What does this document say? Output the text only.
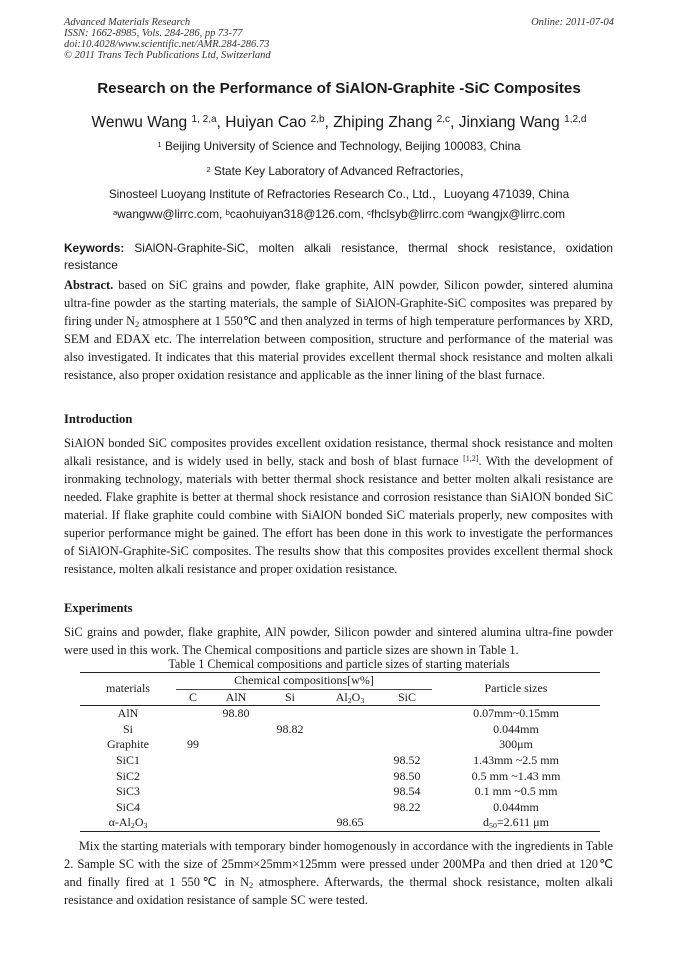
Advanced Materials Research
ISSN: 1662-8985, Vols. 284-286, pp 73-77
doi:10.4028/www.scientific.net/AMR.284-286.73
© 2011 Trans Tech Publications Ltd, Switzerland
Online: 2011-07-04
Research on the Performance of SiAlON-Graphite -SiC Composites
Wenwu Wang $^{1, 2,a}$, Huiyan Cao $^{2,b}$, Zhiping Zhang $^{2,c}$, Jinxiang Wang $^{1,2,d}$
$^1$ Beijing University of Science and Technology, Beijing 100083, China
$^2$ State Key Laboratory of Advanced Refractories，
Sinosteel Luoyang Institute of Refractories Research Co., Ltd.，Luoyang 471039, China
$^a$wangww@lirrc.com, $^b$caohuiyan318@126.com, $^c$fhclsyb@lirrc.com $^d$wangjx@lirrc.com
Keywords: SiAlON-Graphite-SiC, molten alkali resistance, thermal shock resistance, oxidation resistance
Abstract. based on SiC grains and powder, flake graphite, AlN powder, Silicon powder, sintered alumina ultra-fine powder as the starting materials, the sample of SiAlON-Graphite-SiC composites was prepared by firing under $N_2$ atmosphere at 1 550℃ and then analyzed in terms of high temperature performances by XRD, SEM and EDAX etc. The interrelation between composition, structure and performance of the material was also investigated. It indicates that this material provides excellent thermal shock resistance and molten alkali resistance, also proper oxidation resistance and applicable as the inner lining of the blast furnace.
Introduction
SiAlON bonded SiC composites provides excellent oxidation resistance, thermal shock resistance and molten alkali resistance, and is widely used in belly, stack and bosh of blast furnace [1,2]. With the development of ironmaking technology, materials with better thermal shock resistance and better molten alkali resistance are needed. Flake graphite is better at thermal shock resistance and corrosion resistance than SiAlON bonded SiC material. If flake graphite could combine with SiAlON bonded SiC materials properly, new composites with superior performance might be gained. The effort has been done in this work to investigate the performances of SiAlON-Graphite-SiC composites. The results show that this composites provides excellent thermal shock resistance, molten alkali resistance and proper oxidation resistance.
Experiments
SiC grains and powder, flake graphite, AlN powder, Silicon powder and sintered alumina ultra-fine powder were used in this work. The Chemical compositions and particle sizes are shown in Table 1.
Table 1 Chemical compositions and particle sizes of starting materials
materials	Chemical compositions[w%]					Particle sizes
	C	AlN	Si	$Al_2O_3$	SiC	
AlN		98.80				0.07mm~0.15mm
Si			98.82			0.044mm
Graphite	99					300μm
SiC1					98.52	1.43mm ~2.5 mm
SiC2					98.50	0.5 mm ~1.43 mm
SiC3					98.54	0.1 mm ~0.5 mm
SiC4					98.22	0.044mm
$\alpha-Al_2O_3$				98.65		$d_{50}=2.611$ μm
Mix the starting materials with temporary binder homogenously in accordance with the ingredients in Table 2. Sample SC with the size of 25mm×25mm×125mm were pressed under 200MPa and then dried at 120℃ and finally fired at 1 550℃ in $N_2$ atmosphere. Afterwards, the thermal shock resistance, molten alkali resistance and oxidation resistance of sample SC were tested.
